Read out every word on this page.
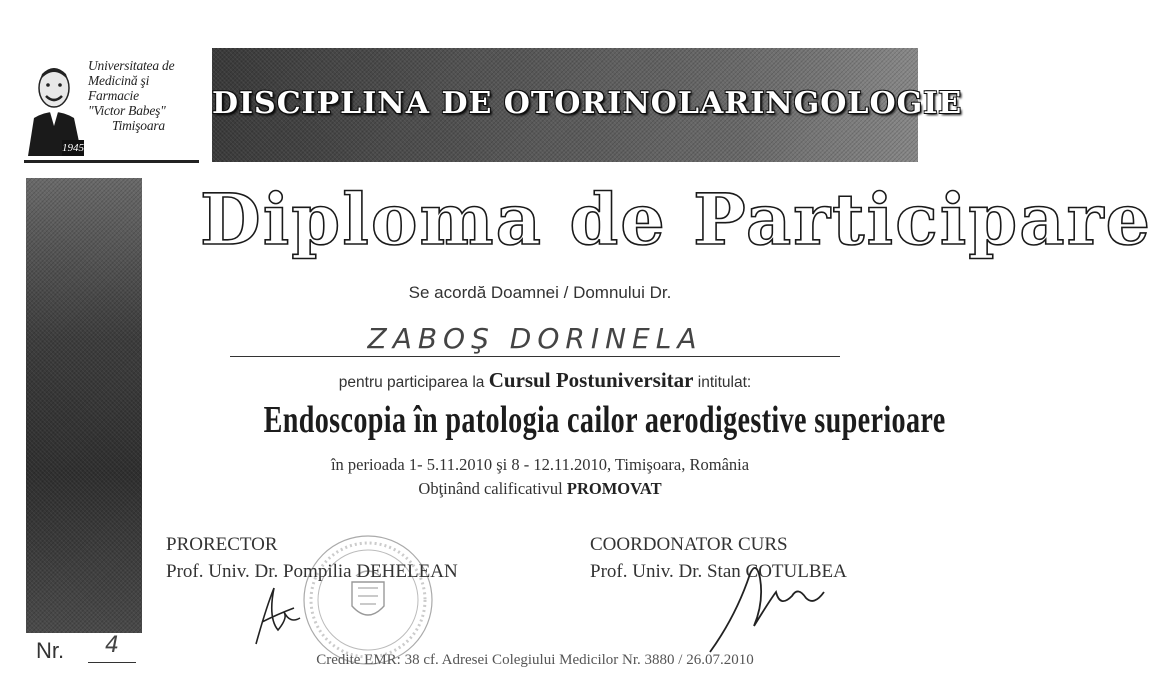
Universitatea de
Medicină şi
Farmacie
"Victor Babeş"
Timişoara
1945
DISCIPLINA DE OTORINOLARINGOLOGIE
Diploma de Participare
Se acordă Doamnei / Domnului Dr.
ZABOŞ DORINELA
pentru participarea la Cursul Postuniversitar intitulat:
Endoscopia în patologia cailor aerodigestive superioare
în perioada 1- 5.11.2010 şi 8 - 12.11.2010, Timişoara, România
Obţinând calificativul PROMOVAT
PRORECTOR
Prof. Univ. Dr. Pompilia DEHELEAN
COORDONATOR CURS
Prof. Univ. Dr. Stan COTULBEA
Nr.	4
Credite EMR: 38 cf. Adresei Colegiului Medicilor Nr. 3880 / 26.07.2010
